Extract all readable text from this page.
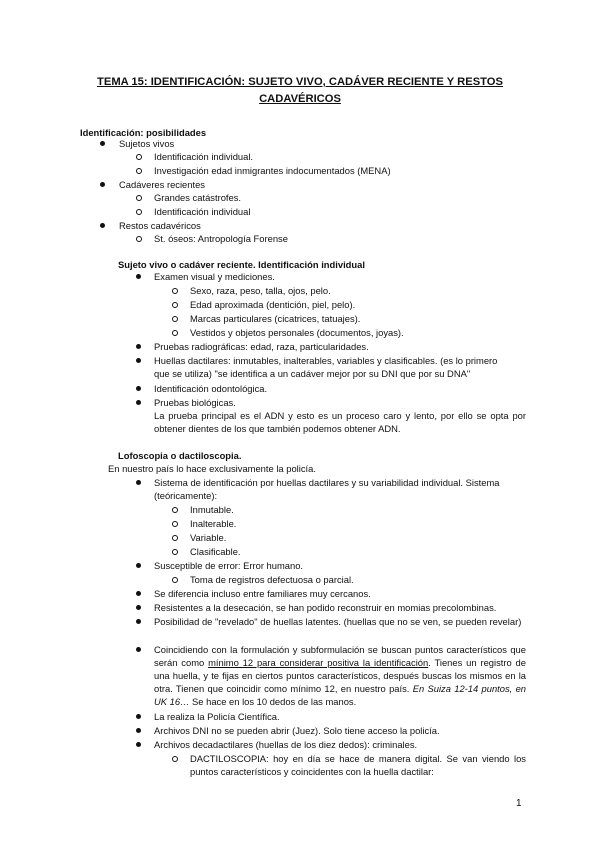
TEMA 15: IDENTIFICACIÓN: SUJETO VIVO, CADÁVER RECIENTE Y RESTOS CADAVÉRICOS
Identificación: posibilidades
Sujetos vivos
Identificación individual.
Investigación edad inmigrantes indocumentados (MENA)
Cadáveres recientes
Grandes catástrofes.
Identificación individual
Restos cadavéricos
St. óseos: Antropología Forense
Sujeto vivo o cadáver reciente. Identificación individual
Examen visual y mediciones.
Sexo, raza, peso, talla, ojos, pelo.
Edad aproximada (dentición, piel, pelo).
Marcas particulares (cicatrices, tatuajes).
Vestidos y objetos personales (documentos, joyas).
Pruebas radiográficas: edad, raza, particularidades.
Huellas dactilares: inmutables, inalterables, variables y clasificables. (es lo primero
que se utiliza) "se identifica a un cadáver mejor por su DNI que por su DNA"
Identificación odontológica.
Pruebas biológicas.
La prueba principal es el ADN y esto es un proceso caro y lento, por ello se opta por obtener dientes de los que también podemos obtener ADN.
Lofoscopia o dactiloscopia.
En nuestro país lo hace exclusivamente la policía.
Sistema de identificación por huellas dactilares y su variabilidad individual. Sistema
(teóricamente):
Inmutable.
Inalterable.
Variable.
Clasificable.
Susceptible de error: Error humano.
Toma de registros defectuosa o parcial.
Se diferencia incluso entre familiares muy cercanos.
Resistentes a la desecación, se han podido reconstruir en momias precolombinas.
Posibilidad de "revelado" de huellas latentes. (huellas que no se ven, se pueden revelar)
Coincidiendo con la formulación y subformulación se buscan puntos característicos que serán como mínimo 12 para considerar positiva la identificación. Tienes un registro de una huella, y te fijas en ciertos puntos característicos, después buscas los mismos en la otra. Tienen que coincidir como mínimo 12, en nuestro país. En Suiza 12-14 puntos, en UK 16… Se hace en los 10 dedos de las manos.
La realiza la Policía Científica.
Archivos DNI no se pueden abrir (Juez). Solo tiene acceso la policía.
Archivos decadactilares (huellas de los diez dedos): criminales.
DACTILOSCOPIA: hoy en día se hace de manera digital. Se van viendo los puntos característicos y coincidentes con la huella dactilar:
1
